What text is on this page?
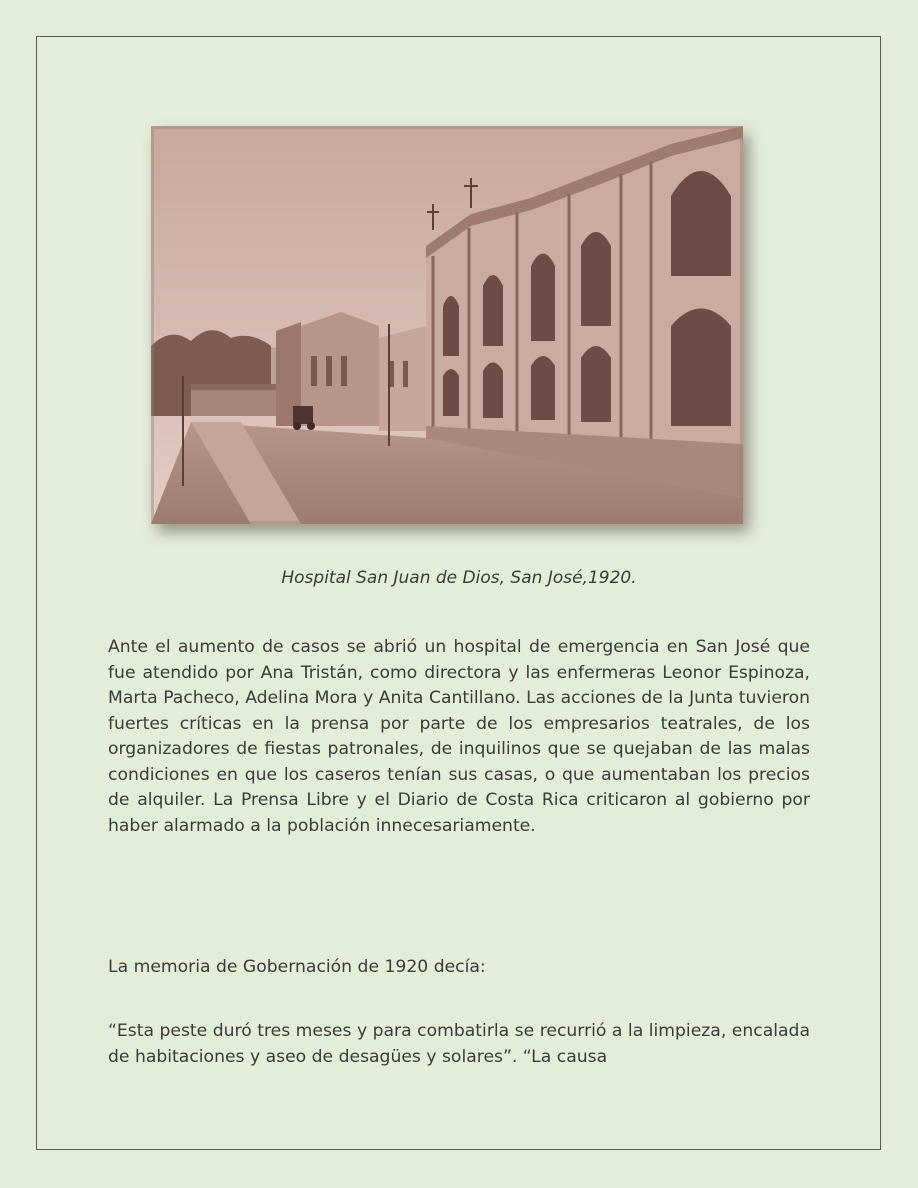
Hospital San Juan de Dios, San José,1920.

Ante el aumento de casos se abrió un hospital de emergencia en San José que fue atendido por Ana Tristán, como directora y las enfermeras Leonor Espinoza, Marta Pacheco, Adelina Mora y Anita Cantillano. Las acciones de la Junta tuvieron fuertes críticas en la prensa por parte de los empresarios teatrales, de los organizadores de fiestas patronales, de inquilinos que se quejaban de las malas condiciones en que los caseros tenían sus casas, o que aumentaban los precios de alquiler. La Prensa Libre y el Diario de Costa Rica criticaron al gobierno por haber alarmado a la población innecesariamente.

La memoria de Gobernación de 1920 decía:

“Esta peste duró tres meses y para combatirla se recurrió a la limpieza, encalada de habitaciones y aseo de desagües y solares”. “La causa
